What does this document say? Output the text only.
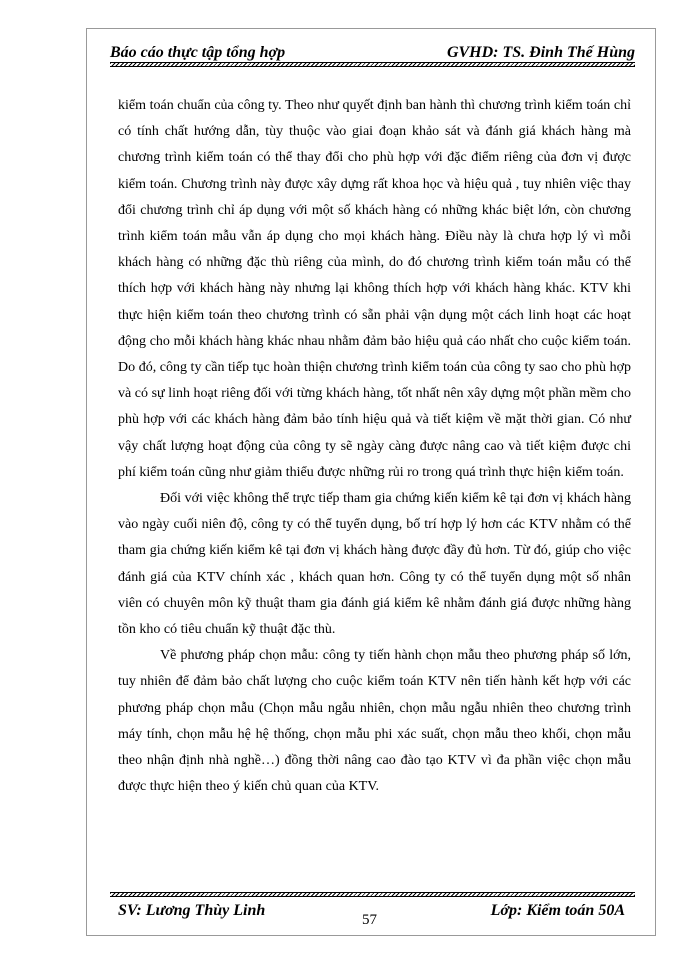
Báo cáo thực tập tổng hợp	GVHD: TS. Đinh Thế Hùng

kiểm toán chuẩn của công ty. Theo như quyết định ban hành thì chương trình kiểm toán chỉ có tính chất hướng dẫn, tùy thuộc vào giai đoạn khảo sát và đánh giá khách hàng mà chương trình kiểm toán có thể thay đổi cho phù hợp với đặc điểm riêng của đơn vị được kiểm toán. Chương trình này được xây dựng rất khoa học và hiệu quả , tuy nhiên việc thay đổi chương trình chỉ áp dụng với một số khách hàng có những khác biệt lớn, còn chương trình kiểm toán mẫu vẫn áp dụng cho mọi khách hàng. Điều này là chưa hợp lý vì mỗi khách hàng có những đặc thù riêng của mình, do đó chương trình kiểm toán mẫu có thể thích hợp với khách hàng này nhưng lại không thích hợp với khách hàng khác. KTV khi thực hiện kiểm toán theo chương trình có sẵn phải vận dụng một cách linh hoạt các hoạt động cho mỗi khách hàng khác nhau nhằm đảm bảo hiệu quả cáo nhất cho cuộc kiểm toán. Do đó, công ty cần tiếp tục hoàn thiện chương trình kiểm toán của công ty sao cho phù hợp và có sự linh hoạt riêng đối với từng khách hàng, tốt nhất nên xây dựng một phần mềm cho phù hợp với các khách hàng đảm bảo tính hiệu quả và tiết kiệm về mặt thời gian. Có như vậy chất lượng hoạt động của công ty sẽ ngày càng được nâng cao và tiết kiệm được chi phí kiểm toán cũng như giảm thiểu được những rủi ro trong quá trình thực hiện kiểm toán.

Đối với việc không thể trực tiếp tham gia chứng kiến kiểm kê tại đơn vị khách hàng vào ngày cuối niên độ, công ty có thể tuyển dụng, bố trí hợp lý hơn các KTV nhằm có thể tham gia chứng kiến kiểm kê tại đơn vị khách hàng được đầy đủ hơn. Từ đó, giúp cho việc đánh giá của KTV chính xác , khách quan hơn. Công ty có thể tuyển dụng một số nhân viên có chuyên môn kỹ thuật tham gia đánh giá kiểm kê nhằm đánh giá được những hàng tồn kho có tiêu chuẩn kỹ thuật đặc thù.

Về phương pháp chọn mẫu: công ty tiến hành chọn mẫu theo phương pháp số lớn, tuy nhiên để đảm bảo chất lượng cho cuộc kiểm toán KTV nên tiến hành kết hợp với các phương pháp chọn mẫu (Chọn mẫu ngẫu nhiên, chọn mẫu ngẫu nhiên theo chương trình máy tính, chọn mẫu hệ hệ thống, chọn mẫu phi xác suất, chọn mẫu theo khối, chọn mẫu theo nhận định nhà nghề…) đồng thời nâng cao đào tạo KTV vì đa phần việc chọn mẫu được thực hiện theo ý kiến chủ quan của KTV.

SV: Lương Thùy Linh
57
Lớp: Kiểm toán 50A
